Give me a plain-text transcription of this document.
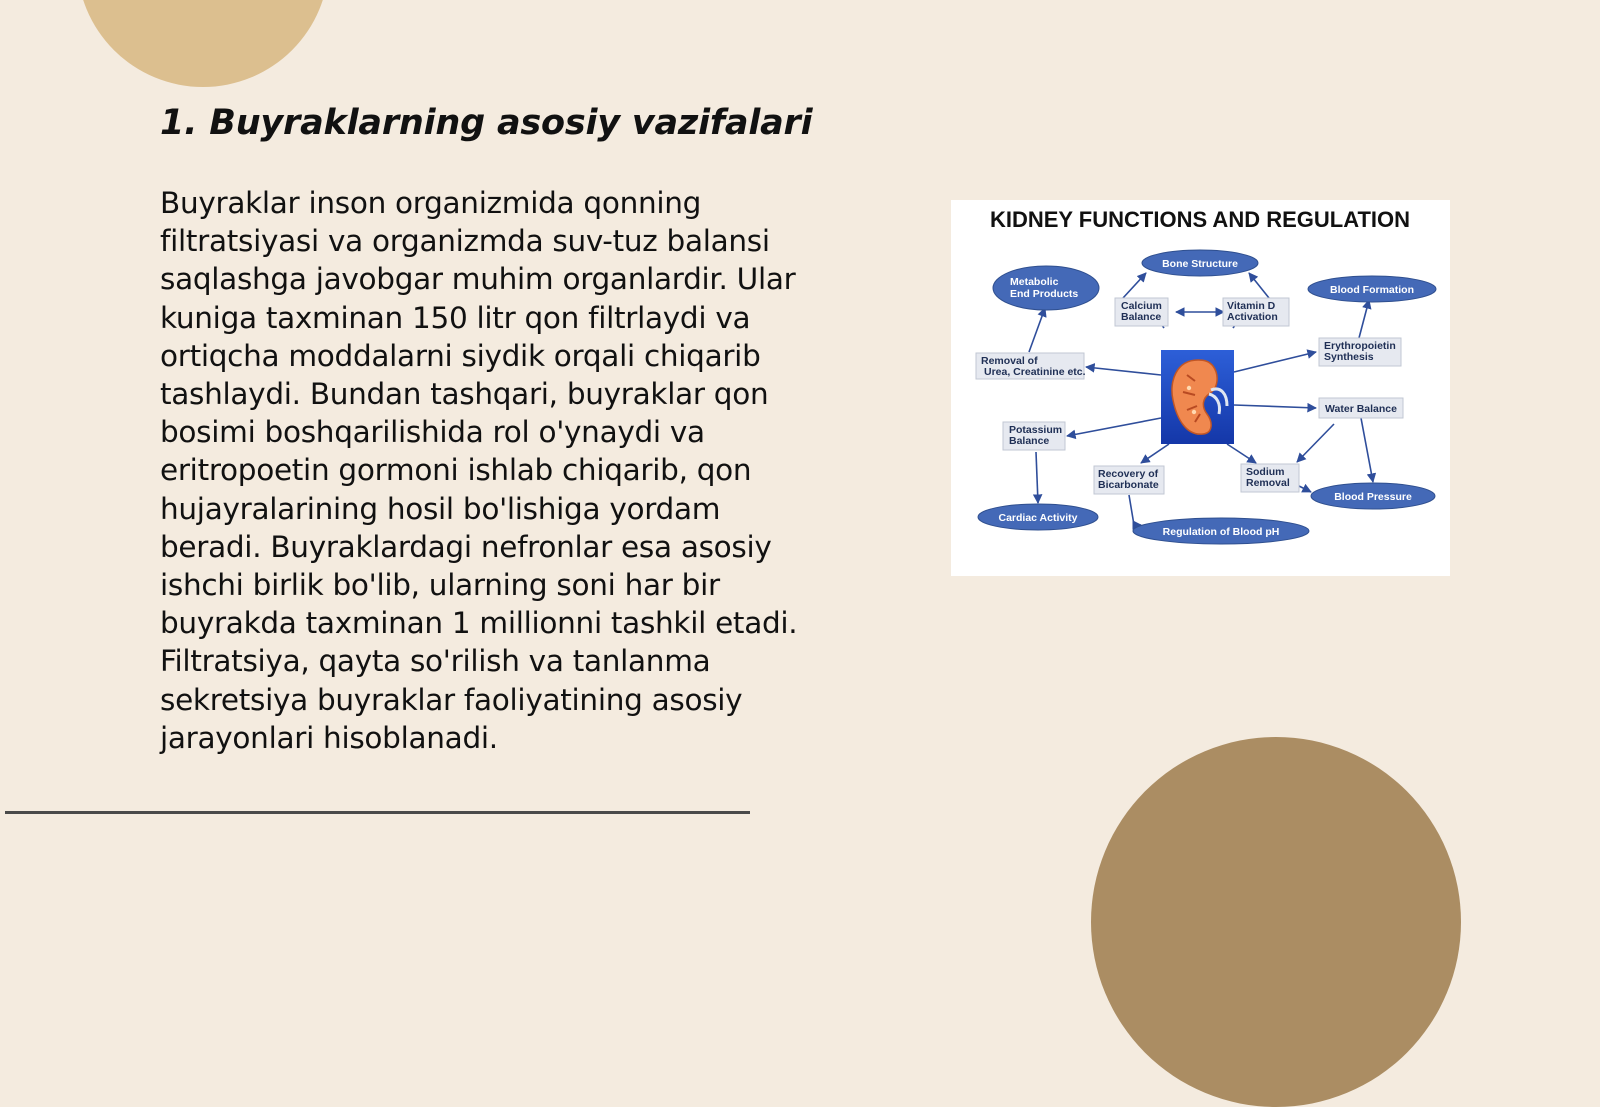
1. Buyraklarning asosiy vazifalari

Buyraklar inson organizmida qonning
filtratsiyasi va organizmda suv-tuz balansi
saqlashga javobgar muhim organlardir. Ular
kuniga taxminan 150 litr qon filtrlaydi va
ortiqcha moddalarni siydik orqali chiqarib
tashlaydi. Bundan tashqari, buyraklar qon
bosimi boshqarilishida rol o'ynaydi va
eritropoetin gormoni ishlab chiqarib, qon
hujayralarining hosil bo'lishiga yordam
beradi. Buyraklardagi nefronlar esa asosiy
ishchi birlik bo'lib, ularning soni har bir
buyrakda taxminan 1 millionni tashkil etadi.
Filtratsiya, qayta so'rilish va tanlanma
sekretsiya buyraklar faoliyatining asosiy
jarayonlari hisoblanadi.

KIDNEY FUNCTIONS AND REGULATION
Bone Structure
Metabolic
End Products	Blood Formation
Blood Pressure
Cardiac Activity
Regulation of Blood pH
Calcium
Balance
Vitamin D
Activation
Removal of
Urea, Creatinine etc.
Erythropoietin
Synthesis
Water Balance
Potassium
Balance
Recovery of
Bicarbonate
Sodium
Removal
